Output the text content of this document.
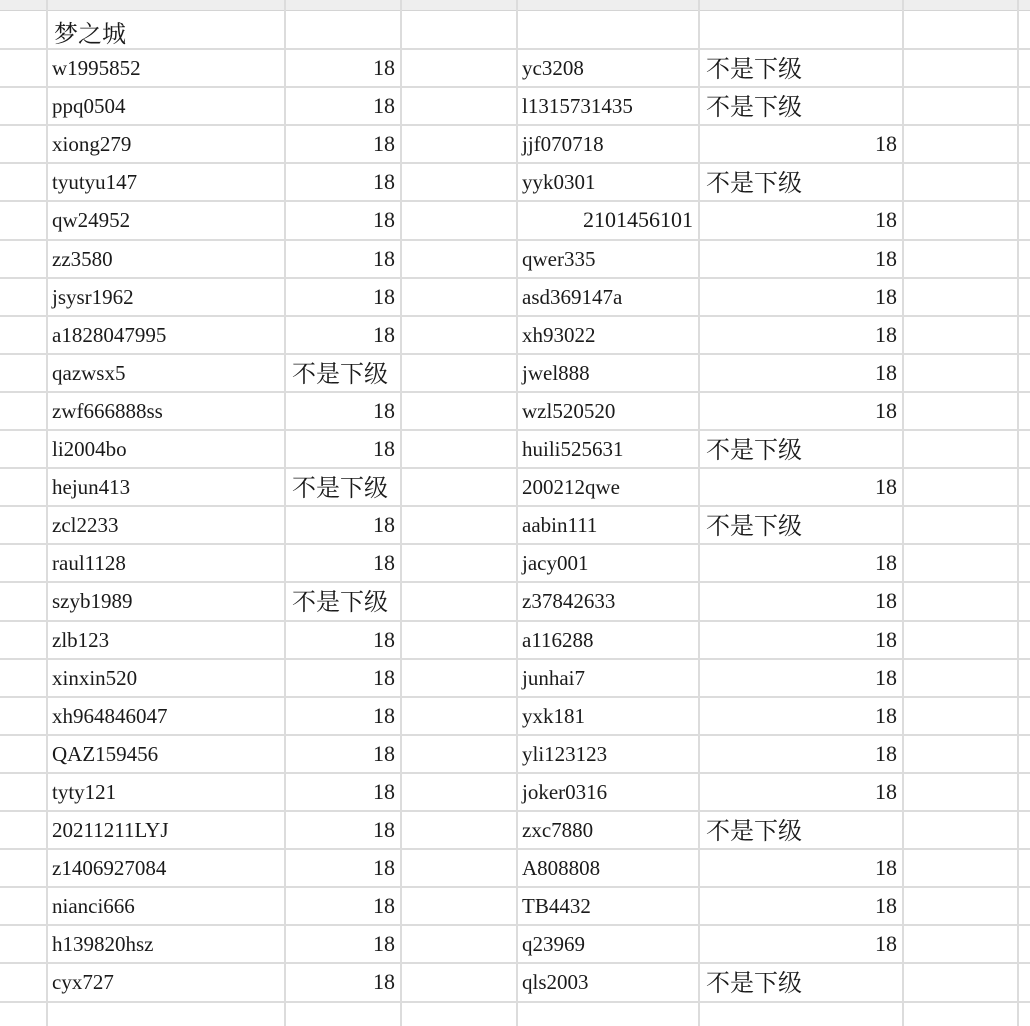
梦之城
w1995852	18	yc3208	不是下级
ppq0504	18	l1315731435	不是下级
xiong279	18	jjf070718	18
tyutyu147	18	yyk0301	不是下级
qw24952	18	2101456101	18
zz3580	18	qwer335	18
jsysr1962	18	asd369147a	18
a1828047995	18	xh93022	18
qazwsx5	不是下级	jwel888	18
zwf666888ss	18	wzl520520	18
li2004bo	18	huili525631	不是下级
hejun413	不是下级	200212qwe	18
zcl2233	18	aabin111	不是下级
raul1128	18	jacy001	18
szyb1989	不是下级	z37842633	18
zlb123	18	a116288	18
xinxin520	18	junhai7	18
xh964846047	18	yxk181	18
QAZ159456	18	yli123123	18
tyty121	18	joker0316	18
20211211LYJ	18	zxc7880	不是下级
z1406927084	18	A808808	18
nianci666	18	TB4432	18
h139820hsz	18	q23969	18
cyx727	18	qls2003	不是下级
